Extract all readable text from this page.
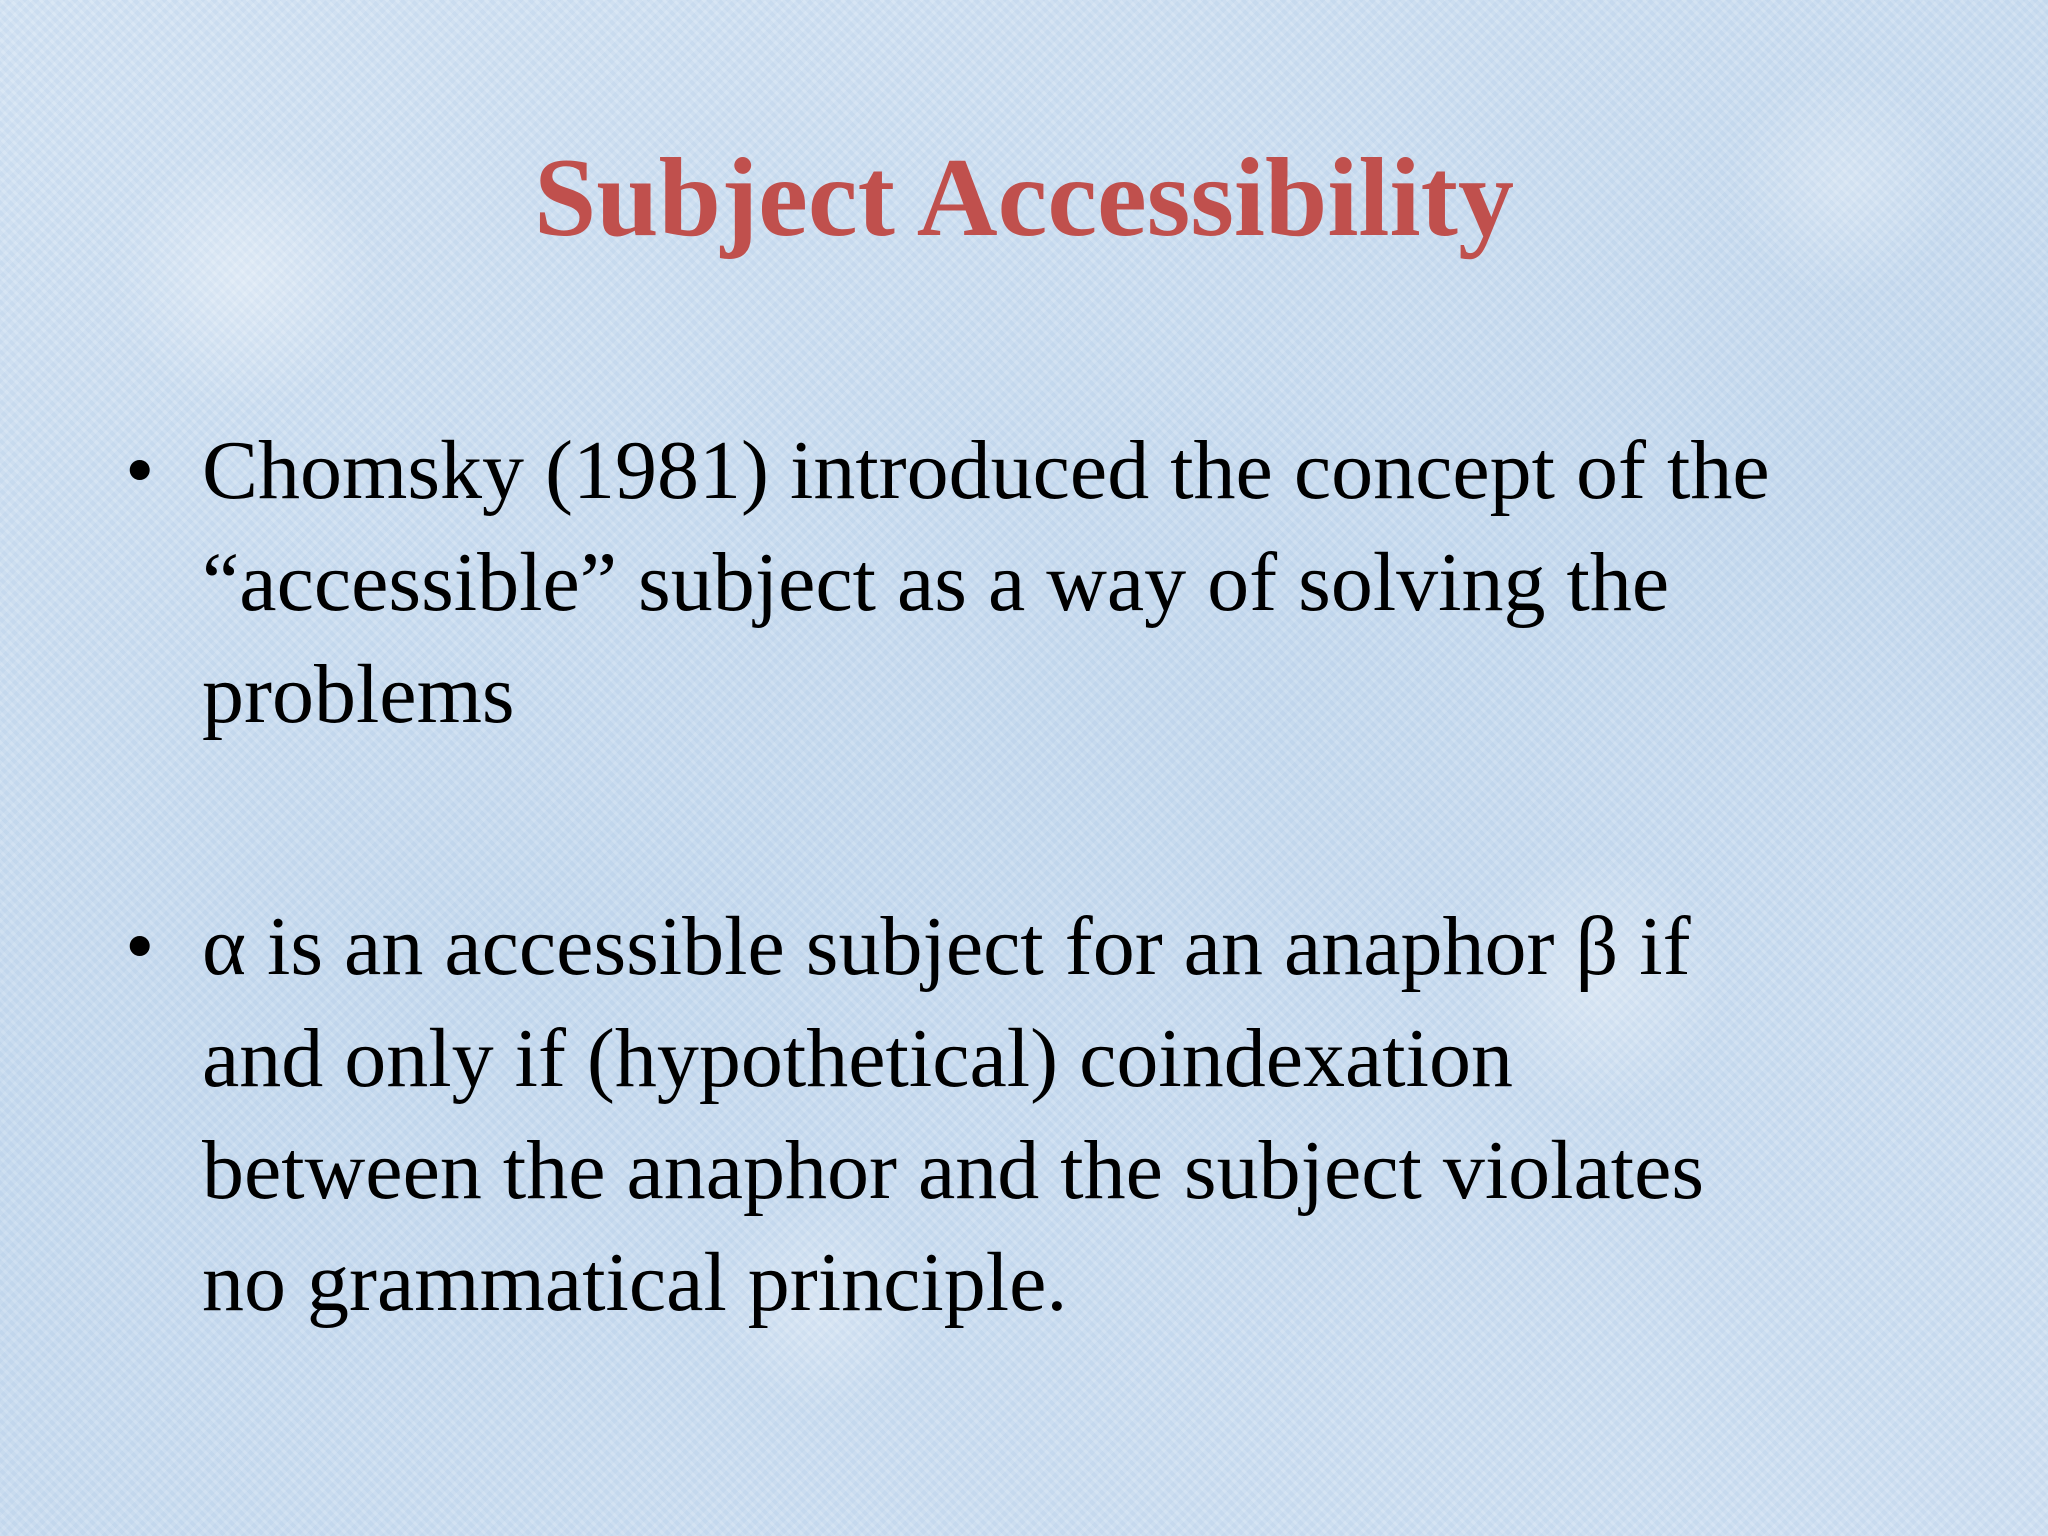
Subject Accessibility
• Chomsky (1981) introduced the concept of the
“accessible” subject as a way of solving the
problems
• α is an accessible subject for an anaphor β if
and only if (hypothetical) coindexation
between the anaphor and the subject violates
no grammatical principle.
